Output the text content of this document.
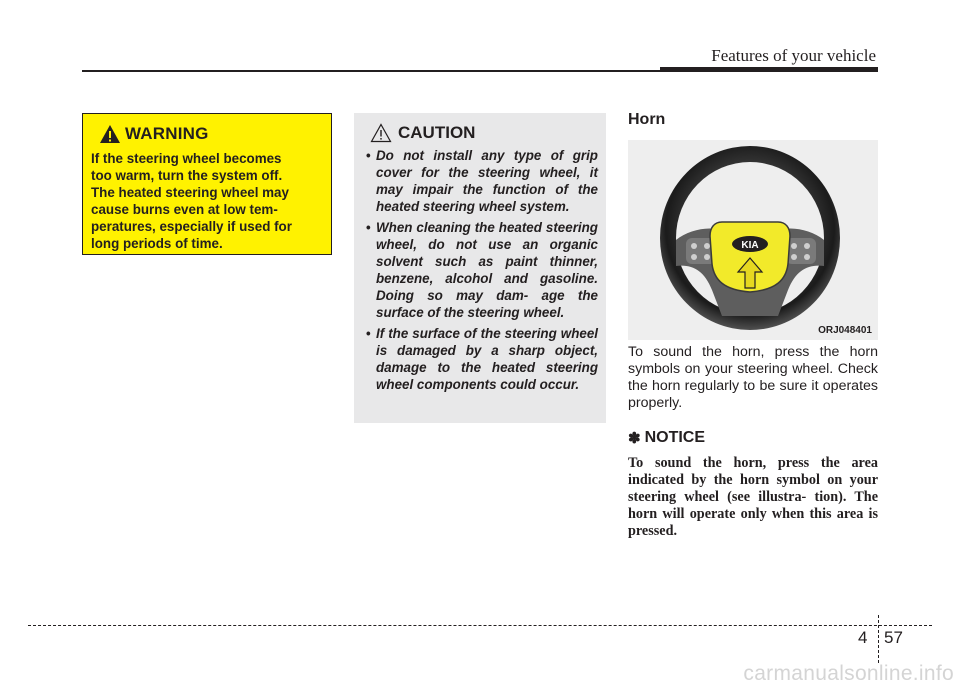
Features of your vehicle
WARNING
If the steering wheel becomes
too warm, turn the system off.
The heated steering wheel may
cause burns even at low tem-
peratures, especially if used for
long periods of time.
CAUTION
• Do not install any type of grip cover for the steering wheel, it may impair the function of the heated steering wheel system.
• When cleaning the heated steering wheel, do not use an organic solvent such as paint thinner, benzene, alcohol and gasoline. Doing so may dam- age the surface of the steering wheel.
• If the surface of the steering wheel is damaged by a sharp object, damage to the heated steering wheel components could occur.
Horn
KIA
ORJ048401
To sound the horn, press the horn symbols on your steering wheel. Check the horn regularly to be sure it operates properly.
✽ NOTICE
To sound the horn, press the area indicated by the horn symbol on your steering wheel (see illustra- tion). The horn will operate only when this area is pressed.
4 57
carmanualsonline.info
